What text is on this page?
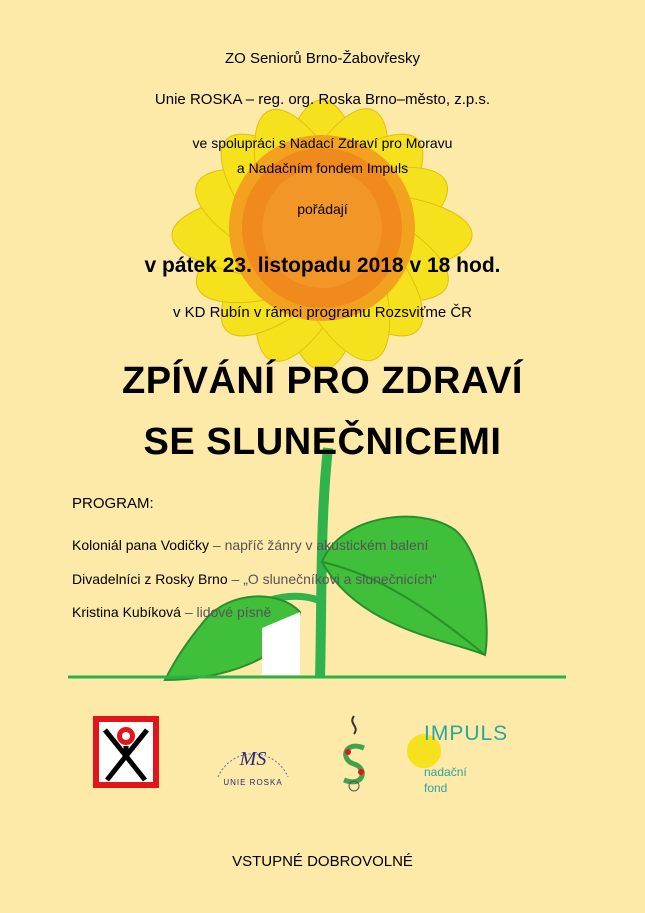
ZO Seniorů Brno-Žabovřesky
Unie ROSKA – reg. org. Roska Brno–město, z.p.s.
ve spolupráci s Nadací Zdraví pro Moravu
a Nadačním fondem Impuls
pořádají
v pátek 23. listopadu 2018 v 18 hod.
v KD Rubín v rámci programu Rozsviťme ČR
ZPÍVÁNÍ PRO ZDRAVÍ
SE SLUNEČNICEMI
PROGRAM:
Koloniál pana Vodičky – napříč žánry v akustickém balení
Divadelníci z Rosky Brno – „O slunečníkovi a slunečnicích“
Kristina Kubíková – lidové písně
MS
UNIE ROSKA
IMPULS
nadační
fond
VSTUPNÉ DOBROVOLNÉ
